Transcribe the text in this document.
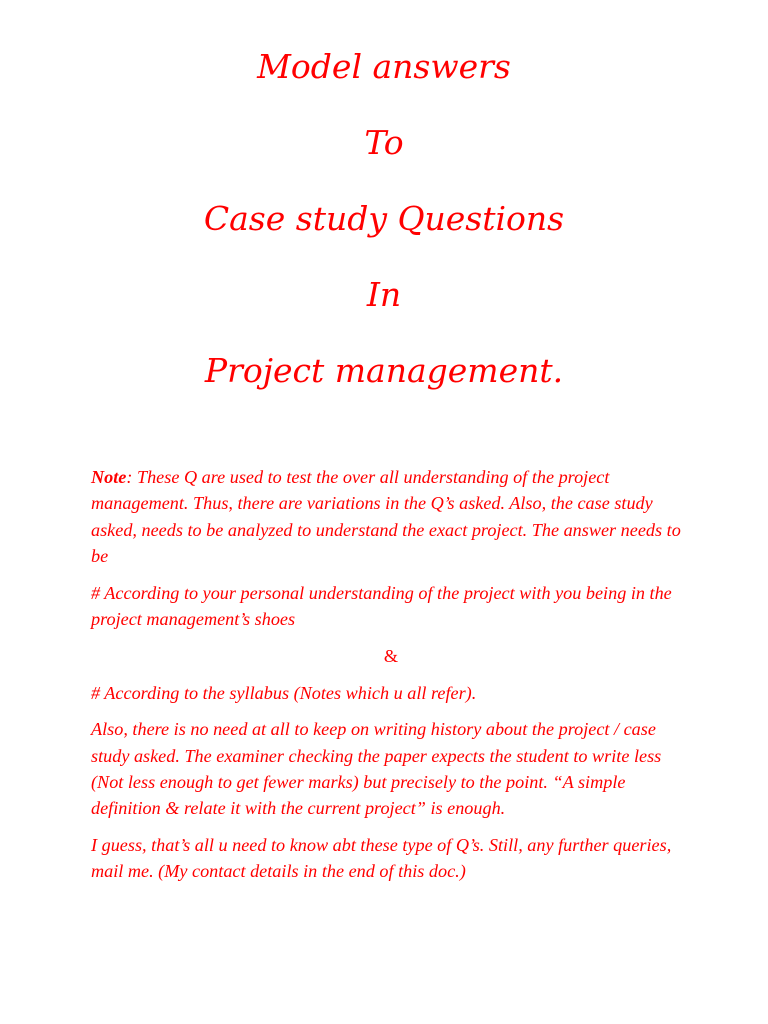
Model answers
To
Case study Questions
In
Project management.

Note: These Q are used to test the over all understanding of the project management. Thus, there are variations in the Q’s asked. Also, the case study asked, needs to be analyzed to understand the exact project. The answer needs to be

# According to your personal understanding of the project with you being in the project management’s shoes

&

# According to the syllabus (Notes which u all refer).

Also, there is no need at all to keep on writing history about the project / case study asked. The examiner checking the paper expects the student to write less (Not less enough to get fewer marks) but precisely to the point. “A simple definition & relate it with the current project” is enough.

I guess, that’s all u need to know abt these type of Q’s. Still, any further queries, mail me. (My contact details in the end of this doc.)
